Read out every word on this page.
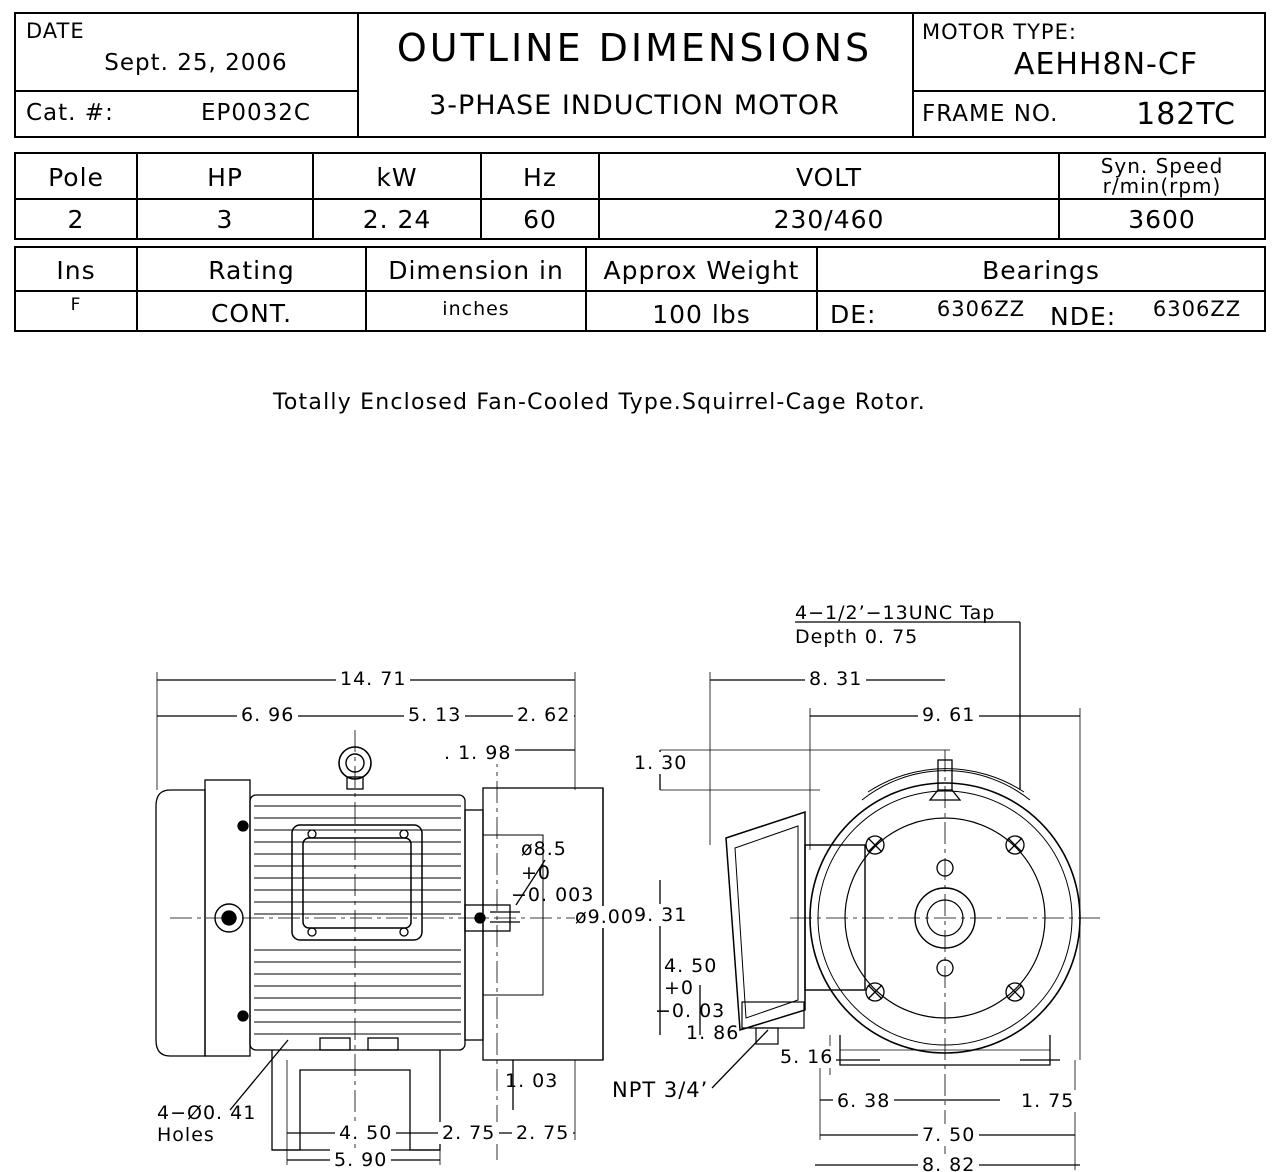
DATE
Sept. 25, 2006
Cat. #:	EP0032C
OUTLINE DIMENSIONS
3-PHASE INDUCTION MOTOR
MOTOR TYPE:
AEHH8N-CF
FRAME NO.	182TC
Pole	HP	kW	Hz	VOLT	Syn. Speed
r/min(rpm)
2	3	2. 24	60	230/460	3600
Ins	Rating	Dimension in	Approx Weight	Bearings
F	CONT.	inches	100 lbs	DE:	6306ZZ NDE:	6306ZZ
Totally Enclosed Fan-Cooled Type.Squirrel-Cage Rotor.
14. 71
6. 96	5. 13	2. 62
. 1. 98
ø8.5
+0
−0. 003
ø9.00
1. 03
4. 50	2. 75 2. 75
5. 90
4−Ø0. 41
Holes
4−1/2’−13UNC Tap
Depth 0. 75
8. 31
9. 61
1. 30
9. 31
4. 50
+0
−0. 03
1. 86
NPT 3/4’
5. 16
6. 38	1. 75
7. 50
8. 82
